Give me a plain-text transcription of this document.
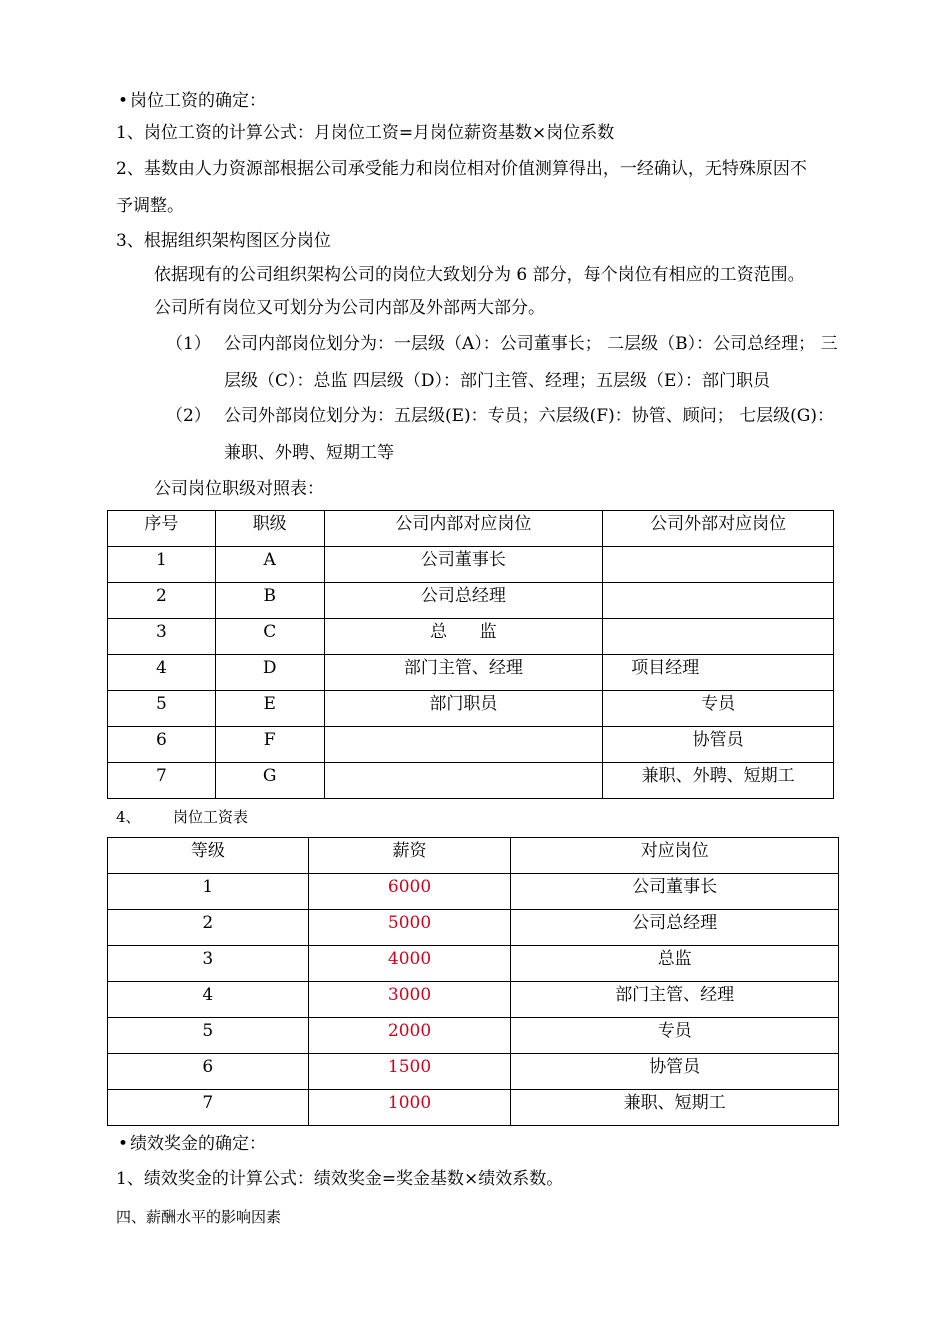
• 岗位工资的确定：
1、岗位工资的计算公式：月岗位工资=月岗位薪资基数×岗位系数
2、基数由人力资源部根据公司承受能力和岗位相对价值测算得出，一经确认，无特殊原因不
予调整。
3、根据组织架构图区分岗位
依据现有的公司组织架构公司的岗位大致划分为 6 部分，每个岗位有相应的工资范围。
公司所有岗位又可划分为公司内部及外部两大部分。
（1） 公司内部岗位划分为：一层级（A）：公司董事长； 二层级（B）：公司总经理； 三
层级（C）：总监 四层级（D）：部门主管、经理；五层级（E）：部门职员
（2） 公司外部岗位划分为：五层级(E)：专员；六层级(F)：协管、顾问； 七层级(G)：
兼职、外聘、短期工等
公司岗位职级对照表：
序号	职级	公司内部对应岗位	公司外部对应岗位
1	A	公司董事长	
2	B	公司总经理	
3	C	总      监	
4	D	部门主管、经理	项目经理
5	E	部门职员	专员
6	F		协管员
7	G		兼职、外聘、短期工
4、 岗位工资表
等级	薪资	对应岗位
1	6000	公司董事长
2	5000	公司总经理
3	4000	总监
4	3000	部门主管、经理
5	2000	专员
6	1500	协管员
7	1000	兼职、短期工
• 绩效奖金的确定：
1、绩效奖金的计算公式：绩效奖金=奖金基数×绩效系数。
四、薪酬水平的影响因素
